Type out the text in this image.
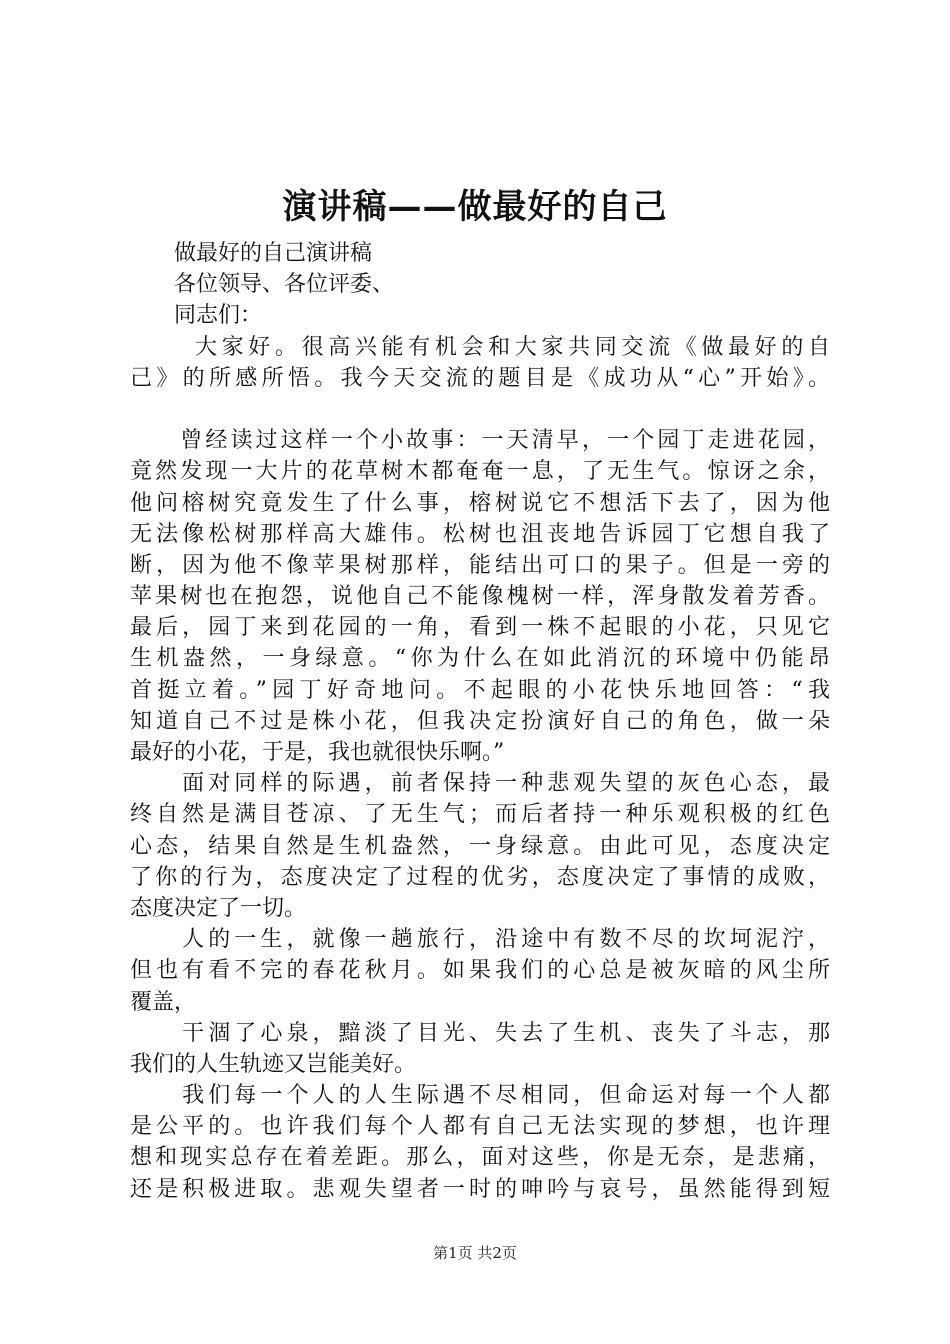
演讲稿——做最好的自己
　　做最好的自己演讲稿
　　各位领导、各位评委、
　　同志们：
　　 大家好。很高兴能有机会和大家共同交流《做最好的自
己》的所感所悟。我今天交流的题目是《成功从“心”开始》。
　　曾经读过这样一个小故事：一天清早，一个园丁走进花园，
竟然发现一大片的花草树木都奄奄一息，了无生气。惊讶之余，
他问榕树究竟发生了什么事，榕树说它不想活下去了，因为他
无法像松树那样高大雄伟。松树也沮丧地告诉园丁它想自我了
断，因为他不像苹果树那样，能结出可口的果子。但是一旁的
苹果树也在抱怨，说他自己不能像槐树一样，浑身散发着芳香。
最后，园丁来到花园的一角，看到一株不起眼的小花，只见它
生机盎然，一身绿意。“你为什么在如此消沉的环境中仍能昂
首挺立着。”园丁好奇地问。不起眼的小花快乐地回答：“我
知道自己不过是株小花，但我决定扮演好自己的角色，做一朵
最好的小花，于是，我也就很快乐啊。”
　　面对同样的际遇，前者保持一种悲观失望的灰色心态，最
终自然是满目苍凉、了无生气；而后者持一种乐观积极的红色
心态，结果自然是生机盎然，一身绿意。由此可见，态度决定
了你的行为，态度决定了过程的优劣，态度决定了事情的成败，
态度决定了一切。
　　人的一生，就像一趟旅行，沿途中有数不尽的坎坷泥泞，
但也有看不完的春花秋月。如果我们的心总是被灰暗的风尘所
覆盖，
　　干涸了心泉，黯淡了目光、失去了生机、丧失了斗志，那
我们的人生轨迹又岂能美好。
　　我们每一个人的人生际遇不尽相同，但命运对每一个人都
是公平的。也许我们每个人都有自己无法实现的梦想，也许理
想和现实总存在着差距。那么，面对这些，你是无奈，是悲痛，
还是积极进取。悲观失望者一时的呻吟与哀号，虽然能得到短
第1页 共2页
